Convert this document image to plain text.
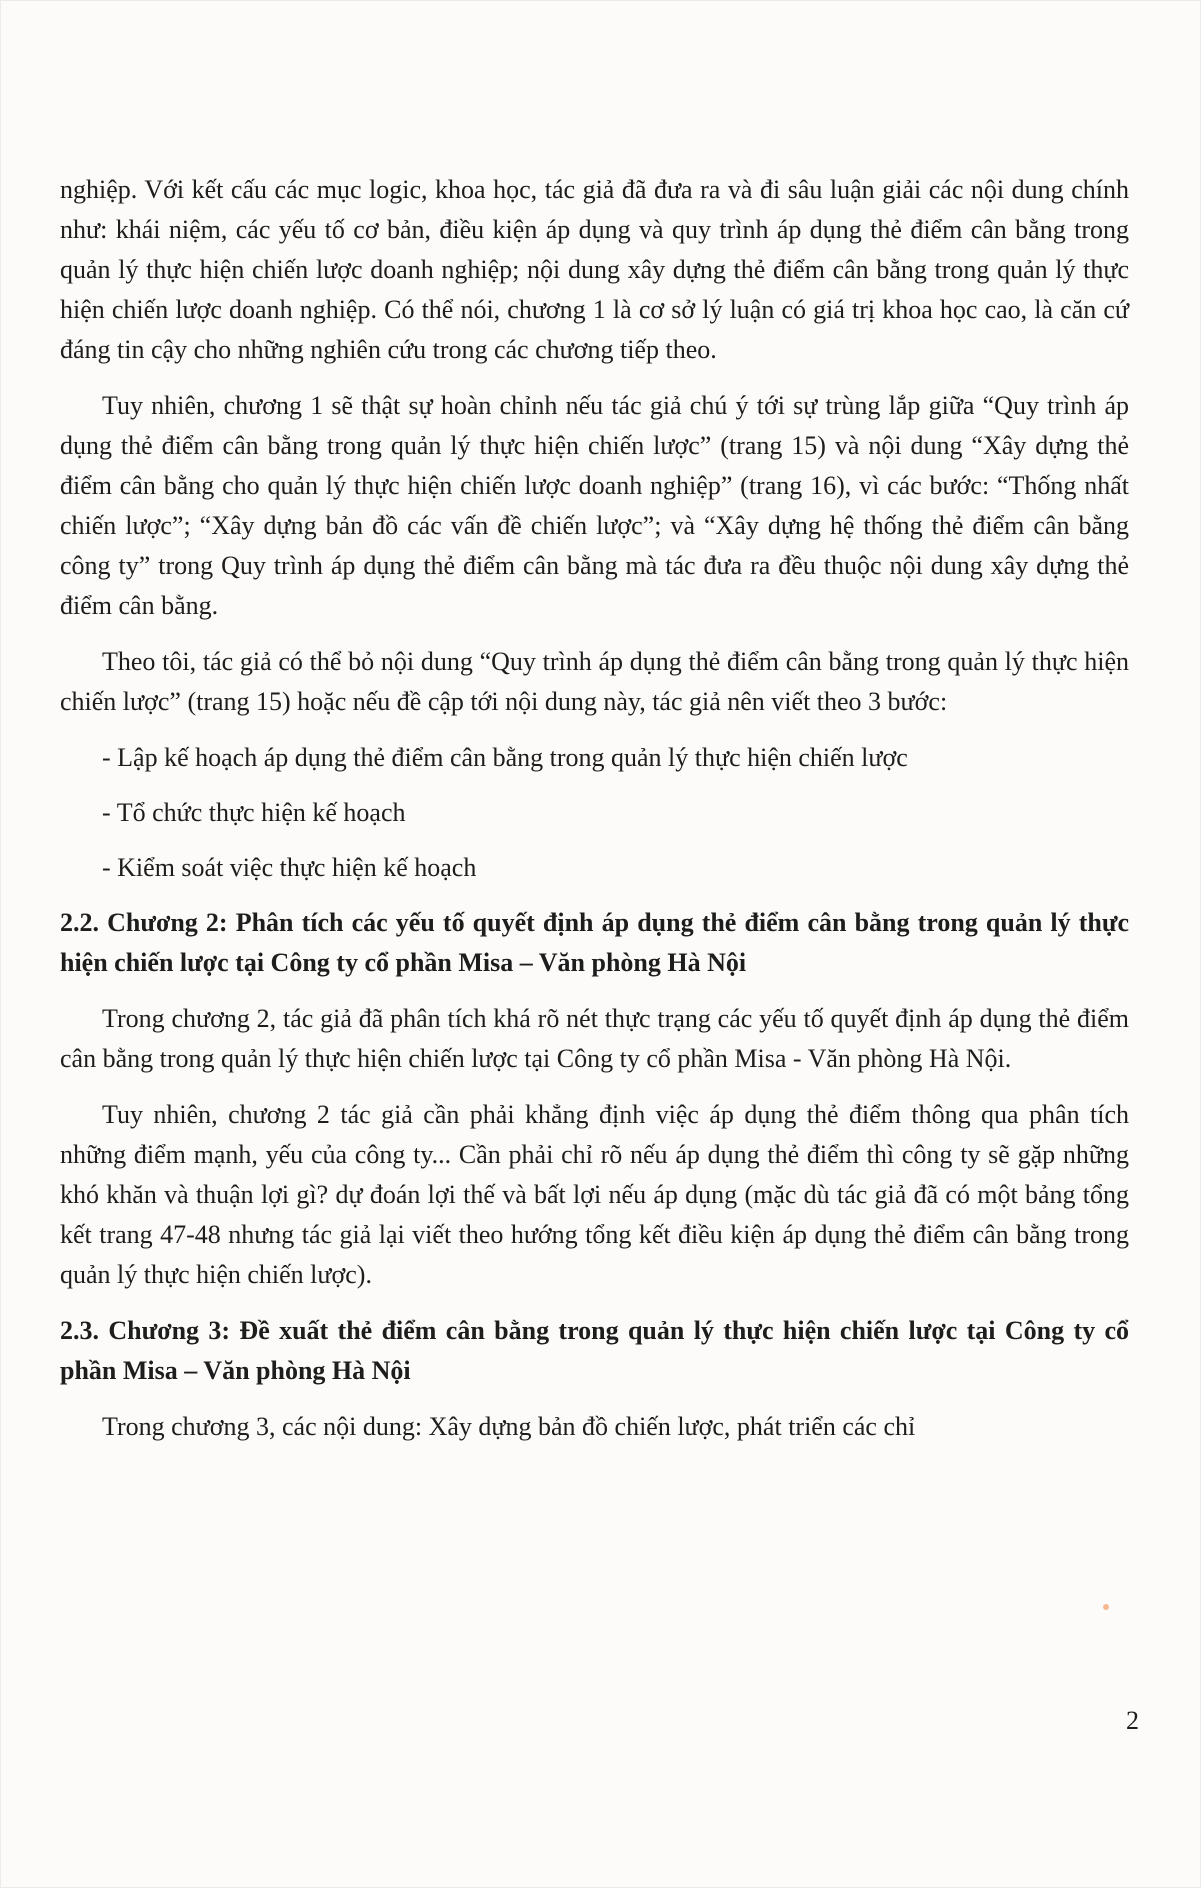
nghiệp. Với kết cấu các mục logic, khoa học, tác giả đã đưa ra và đi sâu luận giải các nội dung chính như: khái niệm, các yếu tố cơ bản, điều kiện áp dụng và quy trình áp dụng thẻ điểm cân bằng trong quản lý thực hiện chiến lược doanh nghiệp; nội dung xây dựng thẻ điểm cân bằng trong quản lý thực hiện chiến lược doanh nghiệp. Có thể nói, chương 1 là cơ sở lý luận có giá trị khoa học cao, là căn cứ đáng tin cậy cho những nghiên cứu trong các chương tiếp theo.

Tuy nhiên, chương 1 sẽ thật sự hoàn chỉnh nếu tác giả chú ý tới sự trùng lắp giữa “Quy trình áp dụng thẻ điểm cân bằng trong quản lý thực hiện chiến lược” (trang 15) và nội dung “Xây dựng thẻ điểm cân bằng cho quản lý thực hiện chiến lược doanh nghiệp” (trang 16), vì các bước: “Thống nhất chiến lược”; “Xây dựng bản đồ các vấn đề chiến lược”; và “Xây dựng hệ thống thẻ điểm cân bằng công ty” trong Quy trình áp dụng thẻ điểm cân bằng mà tác đưa ra đều thuộc nội dung xây dựng thẻ điểm cân bằng.

Theo tôi, tác giả có thể bỏ nội dung “Quy trình áp dụng thẻ điểm cân bằng trong quản lý thực hiện chiến lược” (trang 15) hoặc nếu đề cập tới nội dung này, tác giả nên viết theo 3 bước:

- Lập kế hoạch áp dụng thẻ điểm cân bằng trong quản lý thực hiện chiến lược

- Tổ chức thực hiện kế hoạch

- Kiểm soát việc thực hiện kế hoạch

2.2. Chương 2: Phân tích các yếu tố quyết định áp dụng thẻ điểm cân bằng trong quản lý thực hiện chiến lược tại Công ty cổ phần Misa – Văn phòng Hà Nội

Trong chương 2, tác giả đã phân tích khá rõ nét thực trạng các yếu tố quyết định áp dụng thẻ điểm cân bằng trong quản lý thực hiện chiến lược tại Công ty cổ phần Misa - Văn phòng Hà Nội.

Tuy nhiên, chương 2 tác giả cần phải khẳng định việc áp dụng thẻ điểm thông qua phân tích những điểm mạnh, yếu của công ty... Cần phải chỉ rõ nếu áp dụng thẻ điểm thì công ty sẽ gặp những khó khăn và thuận lợi gì? dự đoán lợi thế và bất lợi nếu áp dụng (mặc dù tác giả đã có một bảng tổng kết trang 47-48 nhưng tác giả lại viết theo hướng tổng kết điều kiện áp dụng thẻ điểm cân bằng trong quản lý thực hiện chiến lược).

2.3. Chương 3: Đề xuất thẻ điểm cân bằng trong quản lý thực hiện chiến lược tại Công ty cổ phần Misa – Văn phòng Hà Nội

Trong chương 3, các nội dung: Xây dựng bản đồ chiến lược, phát triển các chỉ

2
